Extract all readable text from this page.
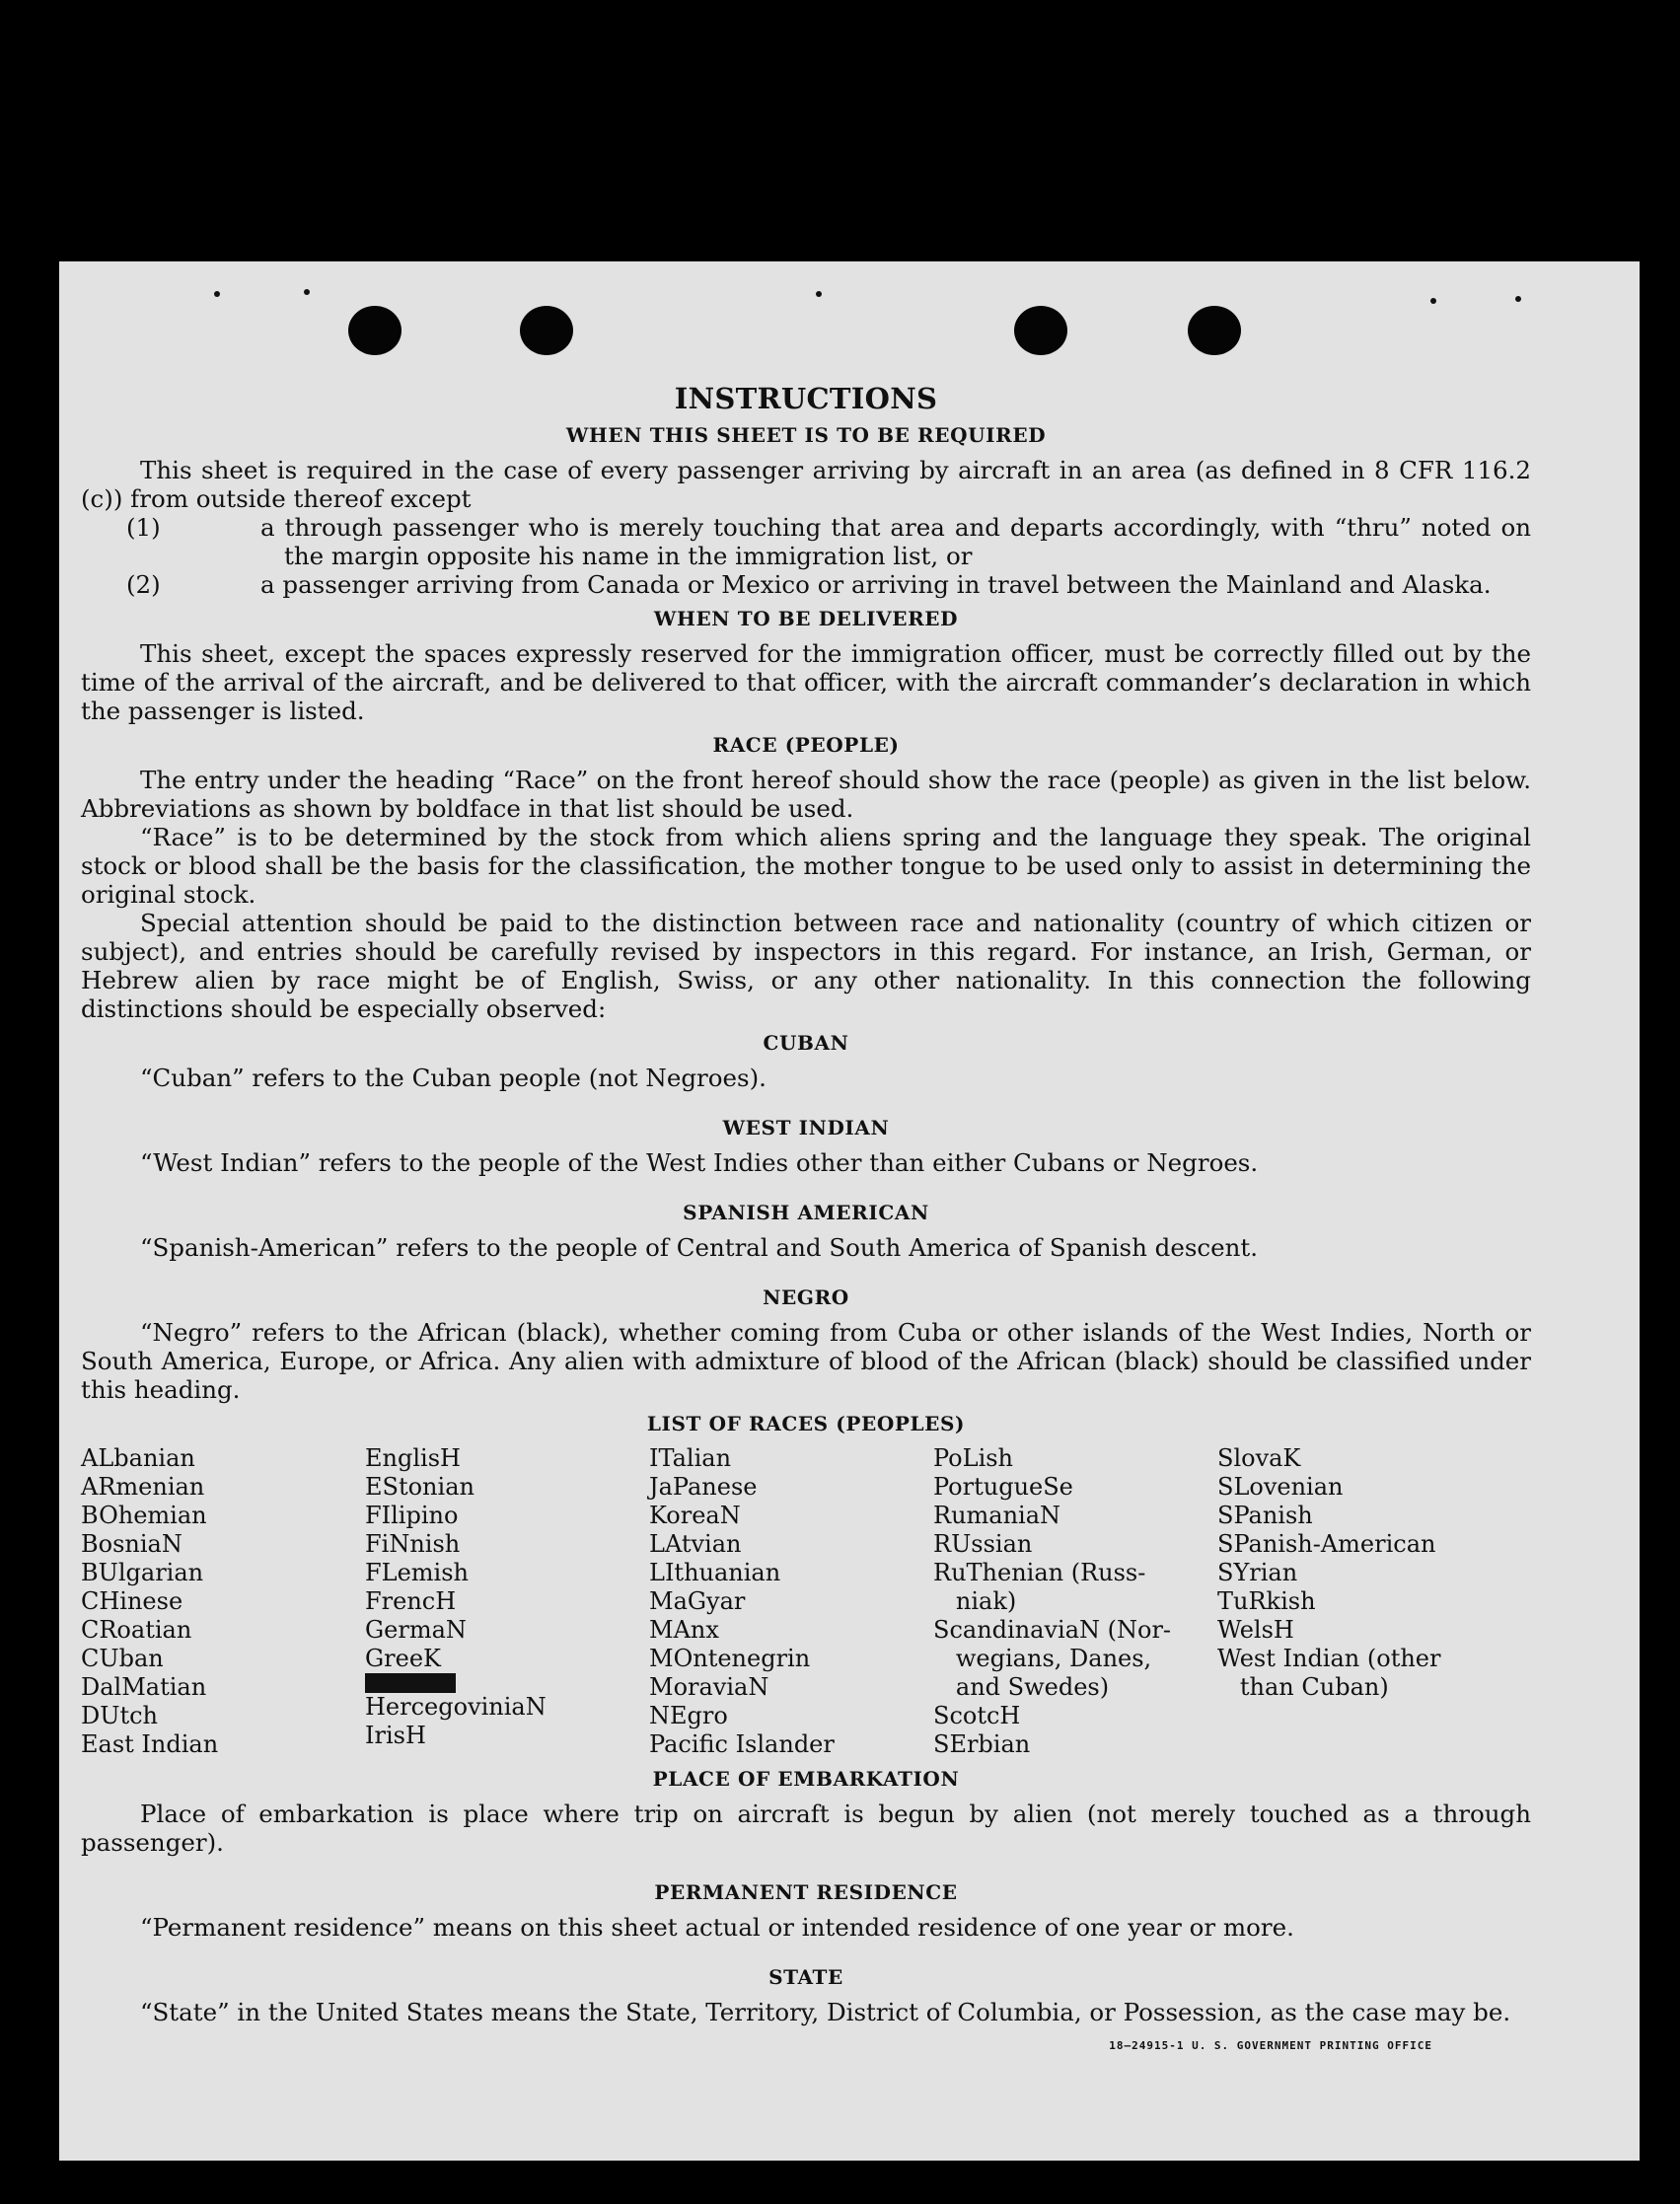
INSTRUCTIONS
WHEN THIS SHEET IS TO BE REQUIRED

This sheet is required in the case of every passenger arriving by aircraft in an area (as defined in 8 CFR 116.2 (c)) from outside thereof except

(1)	a through passenger who is merely touching that area and departs accordingly, with “thru” noted on the margin opposite his name in the immigration list, or

(2)	a passenger arriving from Canada or Mexico or arriving in travel between the Mainland and Alaska.

WHEN TO BE DELIVERED

This sheet, except the spaces expressly reserved for the immigration officer, must be correctly filled out by the time of the arrival of the aircraft, and be delivered to that officer, with the aircraft commander’s declaration in which the passenger is listed.

RACE (PEOPLE)

The entry under the heading “Race” on the front hereof should show the race (people) as given in the list below. Abbreviations as shown by boldface in that list should be used.

“Race” is to be determined by the stock from which aliens spring and the language they speak. The original stock or blood shall be the basis for the classification, the mother tongue to be used only to assist in determining the original stock.

Special attention should be paid to the distinction between race and nationality (country of which citizen or subject), and entries should be carefully revised by inspectors in this regard. For instance, an Irish, German, or Hebrew alien by race might be of English, Swiss, or any other nationality. In this connection the following distinctions should be especially observed:

CUBAN

“Cuban” refers to the Cuban people (not Negroes).

WEST INDIAN

“West Indian” refers to the people of the West Indies other than either Cubans or Negroes.

SPANISH AMERICAN

“Spanish-American” refers to the people of Central and South America of Spanish descent.

NEGRO

“Negro” refers to the African (black), whether coming from Cuba or other islands of the West Indies, North or South America, Europe, or Africa. Any alien with admixture of blood of the African (black) should be classified under this heading.

LIST OF RACES (PEOPLES)
ALbanian
ARmenian
BOhemian
BosniaN
BUlgarian
CHinese
CRoatian
CUban
DalMatian
DUtch
East Indian
EnglisH
EStonian
FIlipino
FiNnish
FLemish
FrencH
GermaN
GreeK
HercegoviniaN
IrisH
ITalian
JaPanese
KoreaN
LAtvian
LIthuanian
MaGyar
MAnx
MOntenegrin
MoraviaN
NEgro
Pacific Islander
PoLish
PortugueSe
RumaniaN
RUssian
RuThenian (Russ-
niak)
ScandinaviaN (Nor-
wegians, Danes,
and Swedes)
ScotcH
SErbian
SlovaK
SLovenian
SPanish
SPanish-American
SYrian
TuRkish
WelsH
West Indian (other
than Cuban)
PLACE OF EMBARKATION

Place of embarkation is place where trip on aircraft is begun by alien (not merely touched as a through passenger).

PERMANENT RESIDENCE

“Permanent residence” means on this sheet actual or intended residence of one year or more.

STATE

“State” in the United States means the State, Territory, District of Columbia, or Possession, as the case may be.

18—24915-1 U. S. GOVERNMENT PRINTING OFFICE
